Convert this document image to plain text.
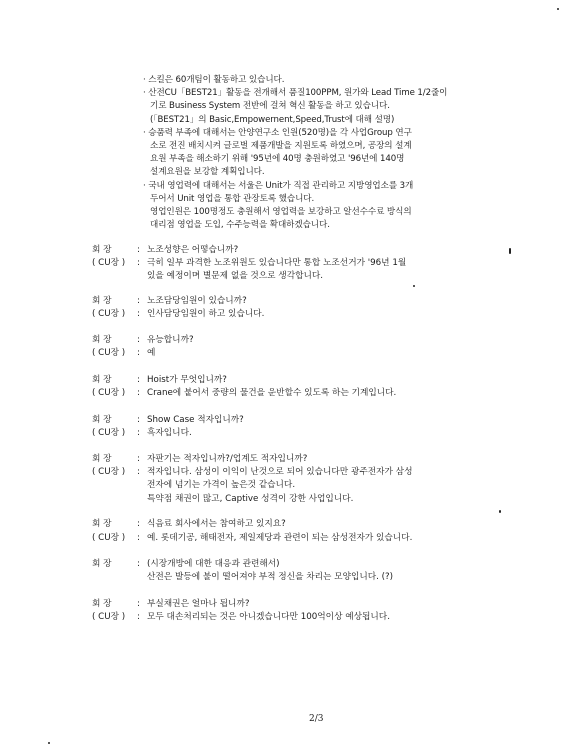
· 스킬은 60개팀이 활동하고 있습니다.

· 산전CU「BEST21」활동을 전개해서 품질100PPM, 원가와 Lead Time 1/2줄이

기로 Business System 전반에 걸쳐 혁신 활동을 하고 있습니다.

(「BEST21」의 Basic,Empowernent,Speed,Trust에 대해 설명)

· 승품력 부족에 대해서는 안양연구소 인원(520명)을 각 사업Group 연구

소로 전진 배치시켜 글로벌 제품개발을 지원토록 하였으며, 공장의 설계

요원 부족을 해소하기 위해 '95년에 40명 충원하였고 '96년에 140명

설계요원을 보강할 계획입니다.

· 국내 영업력에 대해서는 서울은 Unit가 직접 관리하고 지방영업소를 3개

두어서 Unit 영업을 통합 관장토록 했습니다.

영업인원은 100명정도 충원해서 영업력을 보강하고 알선수수료 방식의

대리점 영업을 도입, 수주능력을 확대하겠습니다.

회 장	: 노조성향은 어떻습니까?
( CU장 )	: 극히 일부 과격한 노조위원도 있습니다만 통합 노조선거가 '96년 1월
있을 예정이며 별문제 없을 것으로 생각합니다.
회 장	: 노조담당임원이 있습니까?
( CU장 )	: 인사담당임원이 하고 있습니다.
회 장	: 유능합니까?
( CU장 )	: 예
회 장	: Hoist가 무엇입니까?
( CU장 )	: Crane에 붙어서 중량의 물건을 운반할수 있도록 하는 기계입니다.
회 장	: Show Case 적자입니까?
( CU장 )	: 흑자입니다.
회 장	: 자판기는 적자입니까?/업계도 적자입니까?
( CU장 )	: 적자입니다. 삼성이 이익이 난것으로 되어 있습니다만 광주전자가 삼성
전자에 넘기는 가격이 높은것 같습니다.
특약점 채권이 많고, Captive 성격이 강한 사업입니다.
회 장	: 식음료 회사에서는 참여하고 있지요?
( CU장 )	: 예. 롯데기공, 해태전자, 제일제당과 관련이 되는 삼성전자가 있습니다.
회 장	: (시장개방에 대한 대응과 관련해서)
산전은 발등에 불이 떨어져야 부적 정신을 차리는 모양입니다. (?)
회 장	: 부실채권은 얼마나 됩니까?
( CU장 )	: 모두 대손처리되는 것은 아니겠습니다만 100억이상 예상됩니다.
2/3
